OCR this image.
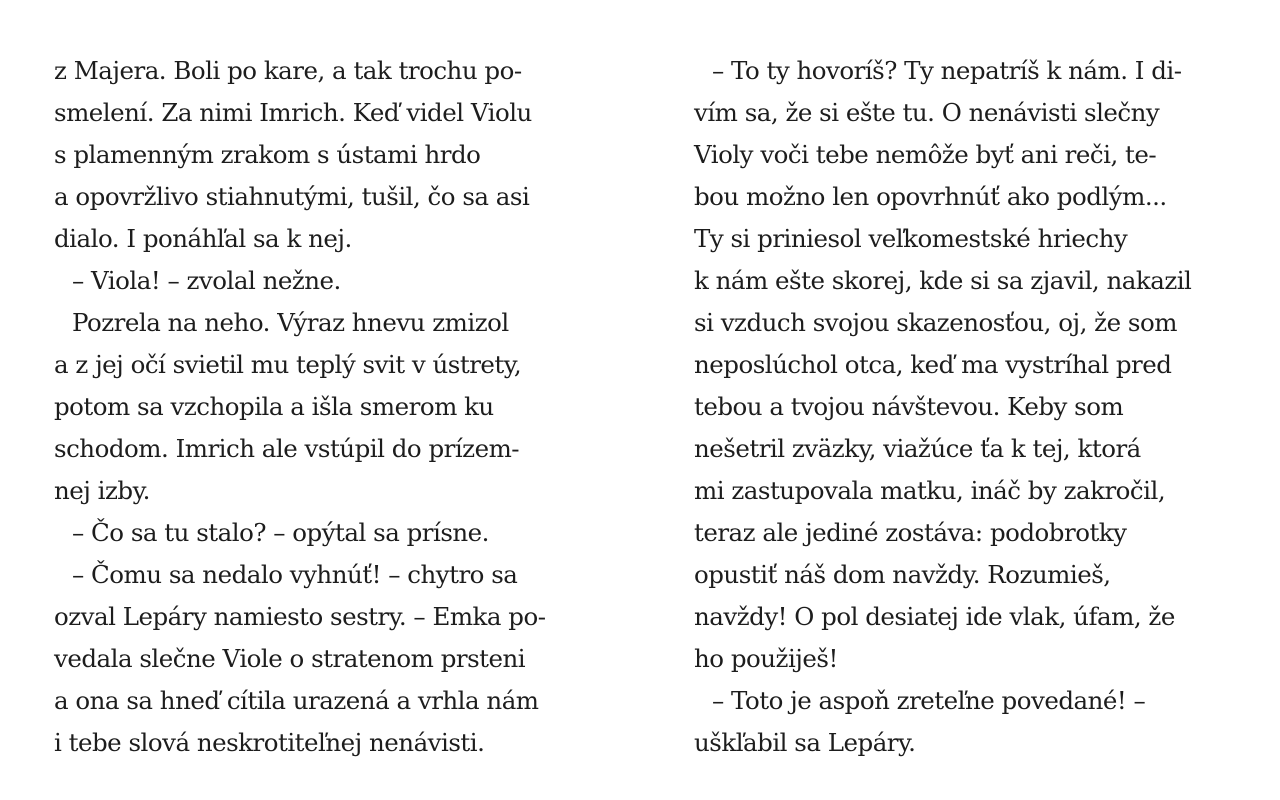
z Majera. Boli po kare, a tak trochu po-
smelení. Za nimi Imrich. Keď videl Violu
s plamenným zrakom s ústami hrdo
a opovržlivo stiahnutými, tušil, čo sa asi
dialo. I ponáhľal sa k nej.
– Viola! – zvolal nežne.
Pozrela na neho. Výraz hnevu zmizol
a z jej očí svietil mu teplý svit v ústrety,
potom sa vzchopila a išla smerom ku
schodom. Imrich ale vstúpil do prízem-
nej izby.
– Čo sa tu stalo? – opýtal sa prísne.
– Čomu sa nedalo vyhnúť! – chytro sa
ozval Lepáry namiesto sestry. – Emka po-
vedala slečne Viole o stratenom prsteni
a ona sa hneď cítila urazená a vrhla nám
i tebe slová neskrotiteľnej nenávisti.
– To ty hovoríš? Ty nepatríš k nám. I di-
vím sa, že si ešte tu. O nenávisti slečny
Violy voči tebe nemôže byť ani reči, te-
bou možno len opovrhnúť ako podlým...
Ty si priniesol veľkomestské hriechy
k nám ešte skorej, kde si sa zjavil, nakazil
si vzduch svojou skazenosťou, oj, že som
neposlúchol otca, keď ma vystríhal pred
tebou a tvojou návštevou. Keby som
nešetril zväzky, viažúce ťa k tej, ktorá
mi zastupovala matku, ináč by zakročil,
teraz ale jediné zostáva: podobrotky
opustiť náš dom navždy. Rozumieš,
navždy! O pol desiatej ide vlak, úfam, že
ho použiješ!
– Toto je aspoň zreteľne povedané! –
uškľabil sa Lepáry.
